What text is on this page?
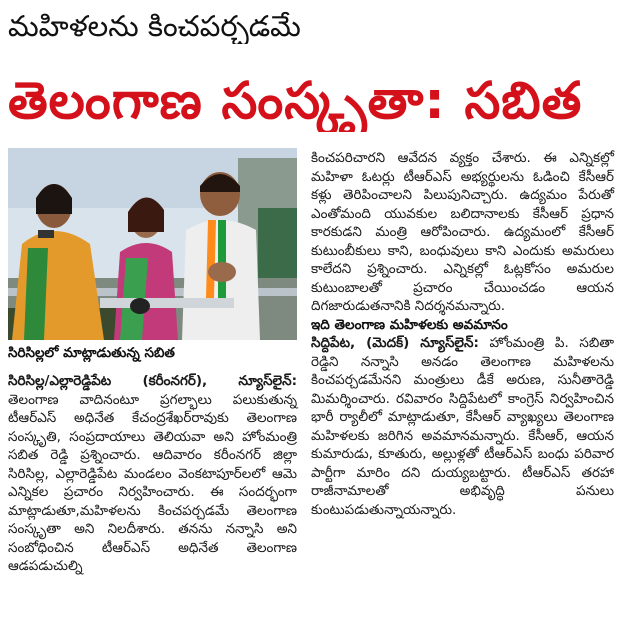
మహిళలను కించపర్చడమే
తెలంగాణ సంస్కృతా: సబిత
సిరిసిల్లలో మాట్లాడుతున్న సబిత

సిరిసిల్ల/ఎల్లారెడ్డిపేట (కరీంనగర్), న్యూస్‌లైన్: తెలంగాణ వాదినంటూ ప్రగల్భాలు పలుకుతున్న టీఆర్‌ఎస్ అధినేత కేచంద్రశేఖర్‌రావుకు తెలంగాణ సంస్కృతి, సంప్రదాయాలు తెలియవా అని హోంమంత్రి సబిత రెడ్డి ప్రశ్నించారు. ఆదివారం కరీంనగర్ జిల్లా సిరిసిల్ల, ఎల్లారెడ్డిపేట మండలం వెంకటాపూర్‌లలో ఆమె ఎన్నికల ప్రచారం నిర్వహించారు. ఈ సందర్భంగా మాట్లాడుతూ,మహిళలను కించపర్చడమే తెలంగాణ సంస్కృతా అని నిలదీశారు. తనను నన్నాసి అని సంబోధించిన టీఆర్‌ఎస్ అధినేత తెలంగాణ ఆడపడుచుల్ని

కించపరిచారని ఆవేదన వ్యక్తం చేశారు. ఈ ఎన్నికల్లో మహిళా ఓటర్లు టీఆర్‌ఎస్ అభ్యర్థులను ఓడించి కేసీఆర్ కళ్లు తెరిపించాలని పిలుపునిచ్చారు. ఉద్యమం పేరుతో ఎంతోమంది యువకుల బలిదానాలకు కేసీఆర్ ప్రధాన కారకుడని మంత్రి ఆరోపించారు. ఉద్యమంలో కేసీఆర్ కుటుంబీకులు కాని, బంధువులు కాని ఎందుకు అమరులు కాలేదని ప్రశ్నించారు. ఎన్నికల్లో ఓట్లకోసం అమరుల కుటుంబాలతో ప్రచారం చేయించడం ఆయన దిగజారుడుతనానికి నిదర్శనమన్నారు.

ఇది తెలంగాణ మహిళలకు అవమానం

సిద్దిపేట, (మెదక్) న్యూస్‌లైన్: హోంమంత్రి పి. సబితా రెడ్డిని నన్నాసి అనడం తెలంగాణ మహిళలను కించపర్చడమేనని మంత్రులు డీకే అరుణ, సునీతారెడ్డి మిమర్శించారు. రవివారం సిద్దిపేటలో కాంగ్రెస్ నిర్వహించిన భారీ ర్యాలీలో మాట్లాడుతూ, కేసీఆర్ వ్యాఖ్యలు తెలంగాణ మహిళలకు జరిగిన అవమానమన్నారు. కేసీఆర్, ఆయన కుమారుడు, కూతురు, అల్లుళ్లతో టీఆర్‌ఎస్ బంధు పరివార పార్టీగా మారిం దని దుయ్యబట్టారు. టీఆర్‌ఎస్ తరహా రాజీనామాలతో అభివృద్ధి పనులు కుంటుపడుతున్నాయన్నారు.
